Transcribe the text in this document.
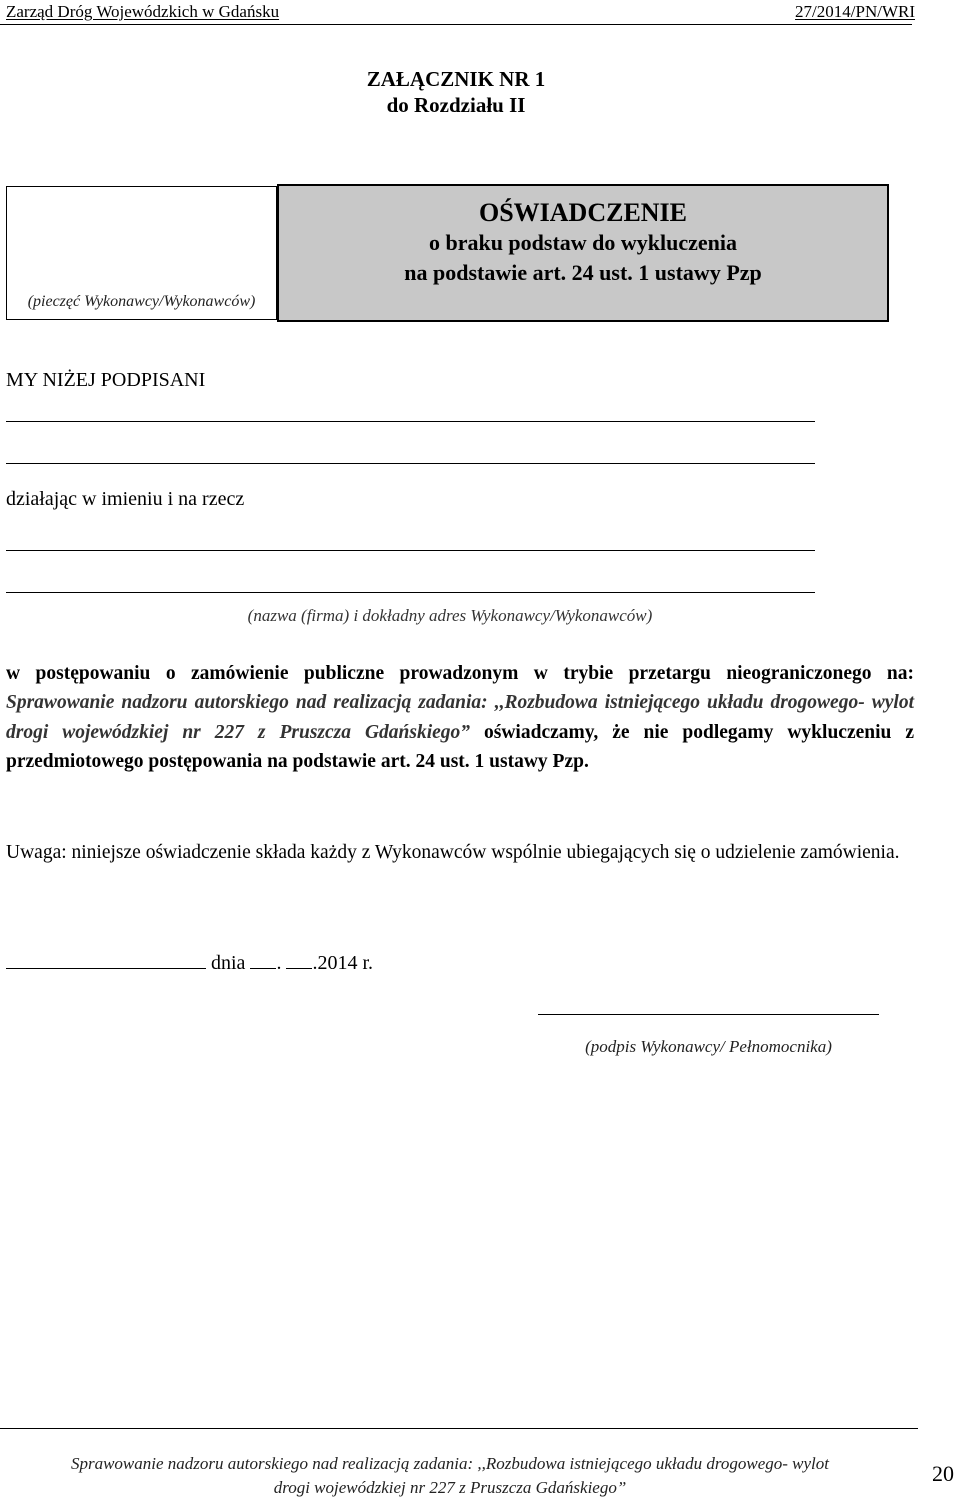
Zarząd Dróg Wojewódzkich w Gdańsku	27/2014/PN/WRI
ZAŁĄCZNIK NR 1
do Rozdziału II
(pieczęć Wykonawcy/Wykonawców)
OŚWIADCZENIE
o braku podstaw do wykluczenia
na podstawie art. 24 ust. 1 ustawy Pzp
MY NIŻEJ PODPISANI
działając w imieniu i na rzecz
(nazwa (firma) i dokładny adres Wykonawcy/Wykonawców)
w postępowaniu o zamówienie publiczne prowadzonym w trybie przetargu nieograniczonego na: Sprawowanie nadzoru autorskiego nad realizacją zadania: ,,Rozbudowa istniejącego układu drogowego- wylot drogi wojewódzkiej nr 227 z Pruszcza Gdańskiego” oświadczamy, że nie podlegamy wykluczeniu z przedmiotowego postępowania na podstawie art. 24 ust. 1 ustawy Pzp.
Uwaga: niniejsze oświadczenie składa każdy z Wykonawców wspólnie ubiegających się o udzielenie zamówienia.
dnia . .2014 r.
(podpis Wykonawcy/ Pełnomocnika)
Sprawowanie nadzoru autorskiego nad realizacją zadania: ,,Rozbudowa istniejącego układu drogowego- wylot
drogi wojewódzkiej nr 227 z Pruszcza Gdańskiego”
20
